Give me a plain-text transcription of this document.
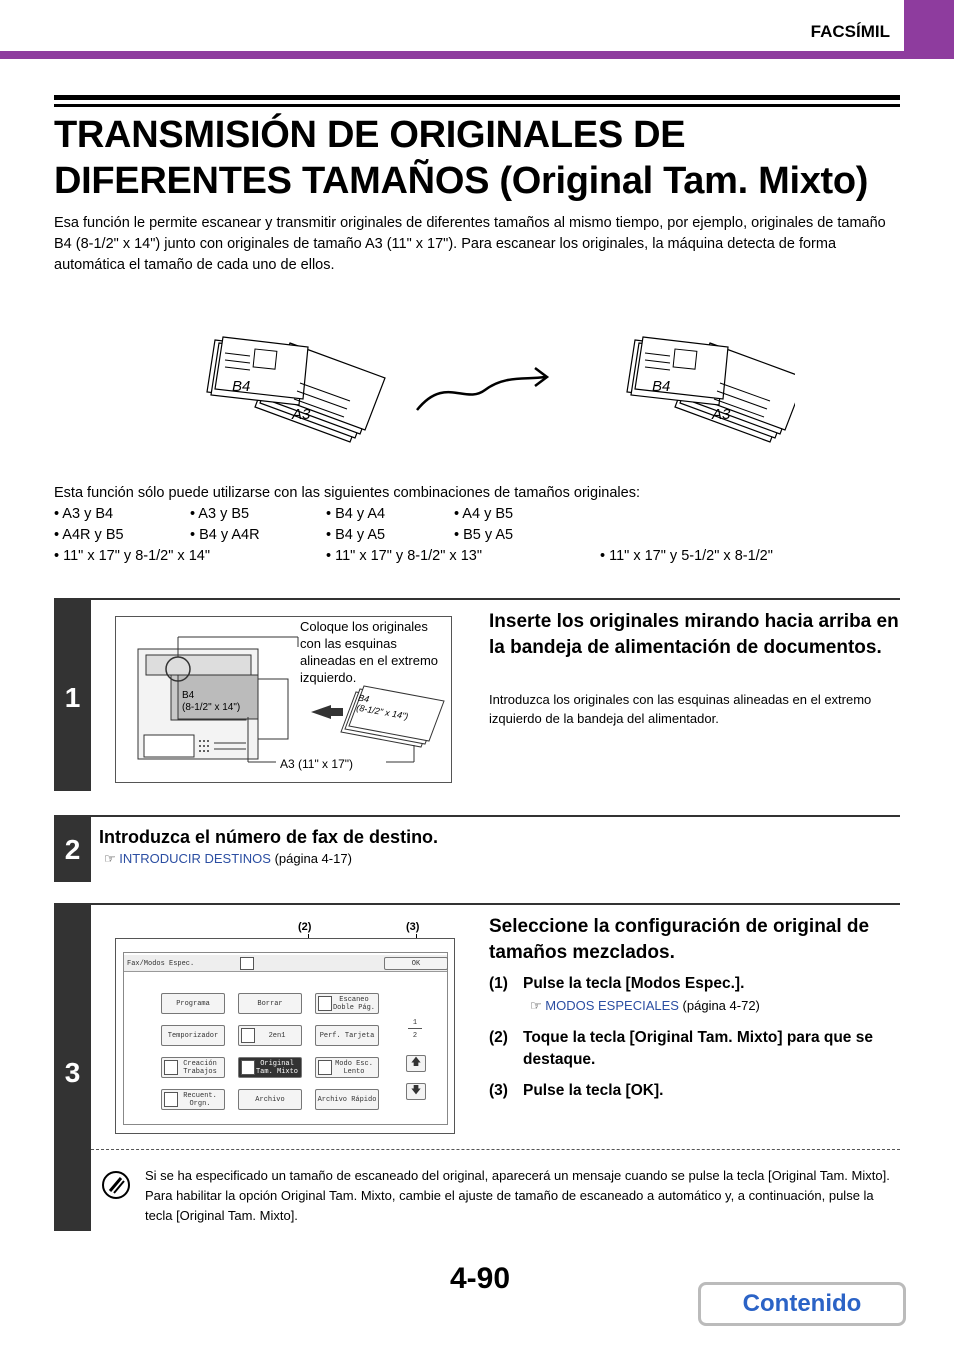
FACSÍMIL
TRANSMISIÓN DE ORIGINALES DE DIFERENTES TAMAÑOS (Original Tam. Mixto)
Esa función le permite escanear y transmitir originales de diferentes tamaños al mismo tiempo, por ejemplo, originales de tamaño B4 (8-1/2" x 14") junto con originales de tamaño A3 (11" x 17"). Para escanear los originales, la máquina detecta de forma automática el tamaño de cada uno de ellos.
B4
A3
B4
A3
Esta función sólo puede utilizarse con las siguientes combinaciones de tamaños originales:
• A3 y B4	• A3 y B5	• B4 y A4	• A4 y B5
• A4R y B5	• B4 y A4R	• B4 y A5	• B5 y A5
• 11" x 17" y 8-1/2" x 14"	• 11" x 17" y 8-1/2" x 13"	• 11" x 17" y 5-1/2" x 8-1/2"
1
Coloque los originales con las esquinas alineadas en el extremo izquierdo.
B4
(8-1/2" x 14")
B4
(8-1/2" x 14")
A3 (11" x 17")
Inserte los originales mirando hacia arriba en la bandeja de alimentación de documentos.
Introduzca los originales con las esquinas alineadas en el extremo izquierdo de la bandeja del alimentador.
2	Introduzca el número de fax de destino.
☞ INTRODUCIR DESTINOS (página 4-17)
3
(2)	(3)
Fax/Modos Espec.	OK
Programa	Borrar	Escaneo Doble Pág.
Temporizador	2en1	Perf. Tarjeta
Creación Trabajos
Original Tam. Mixto
Modo Esc. Lento
Recuent. Orgn.	Archivo	Archivo Rápido
1
2
🡅
🡇
Seleccione la configuración de original de tamaños mezclados.
(1) Pulse la tecla [Modos Espec.].
☞ MODOS ESPECIALES (página 4-72)
(2) Toque la tecla [Original Tam. Mixto] para que se destaque.
(3) Pulse la tecla [OK].
Si se ha especificado un tamaño de escaneado del original, aparecerá un mensaje cuando se pulse la tecla [Original Tam. Mixto]. Para habilitar la opción Original Tam. Mixto, cambie el ajuste de tamaño de escaneado a automático y, a continuación, pulse la tecla [Original Tam. Mixto].
4-90
Contenido
